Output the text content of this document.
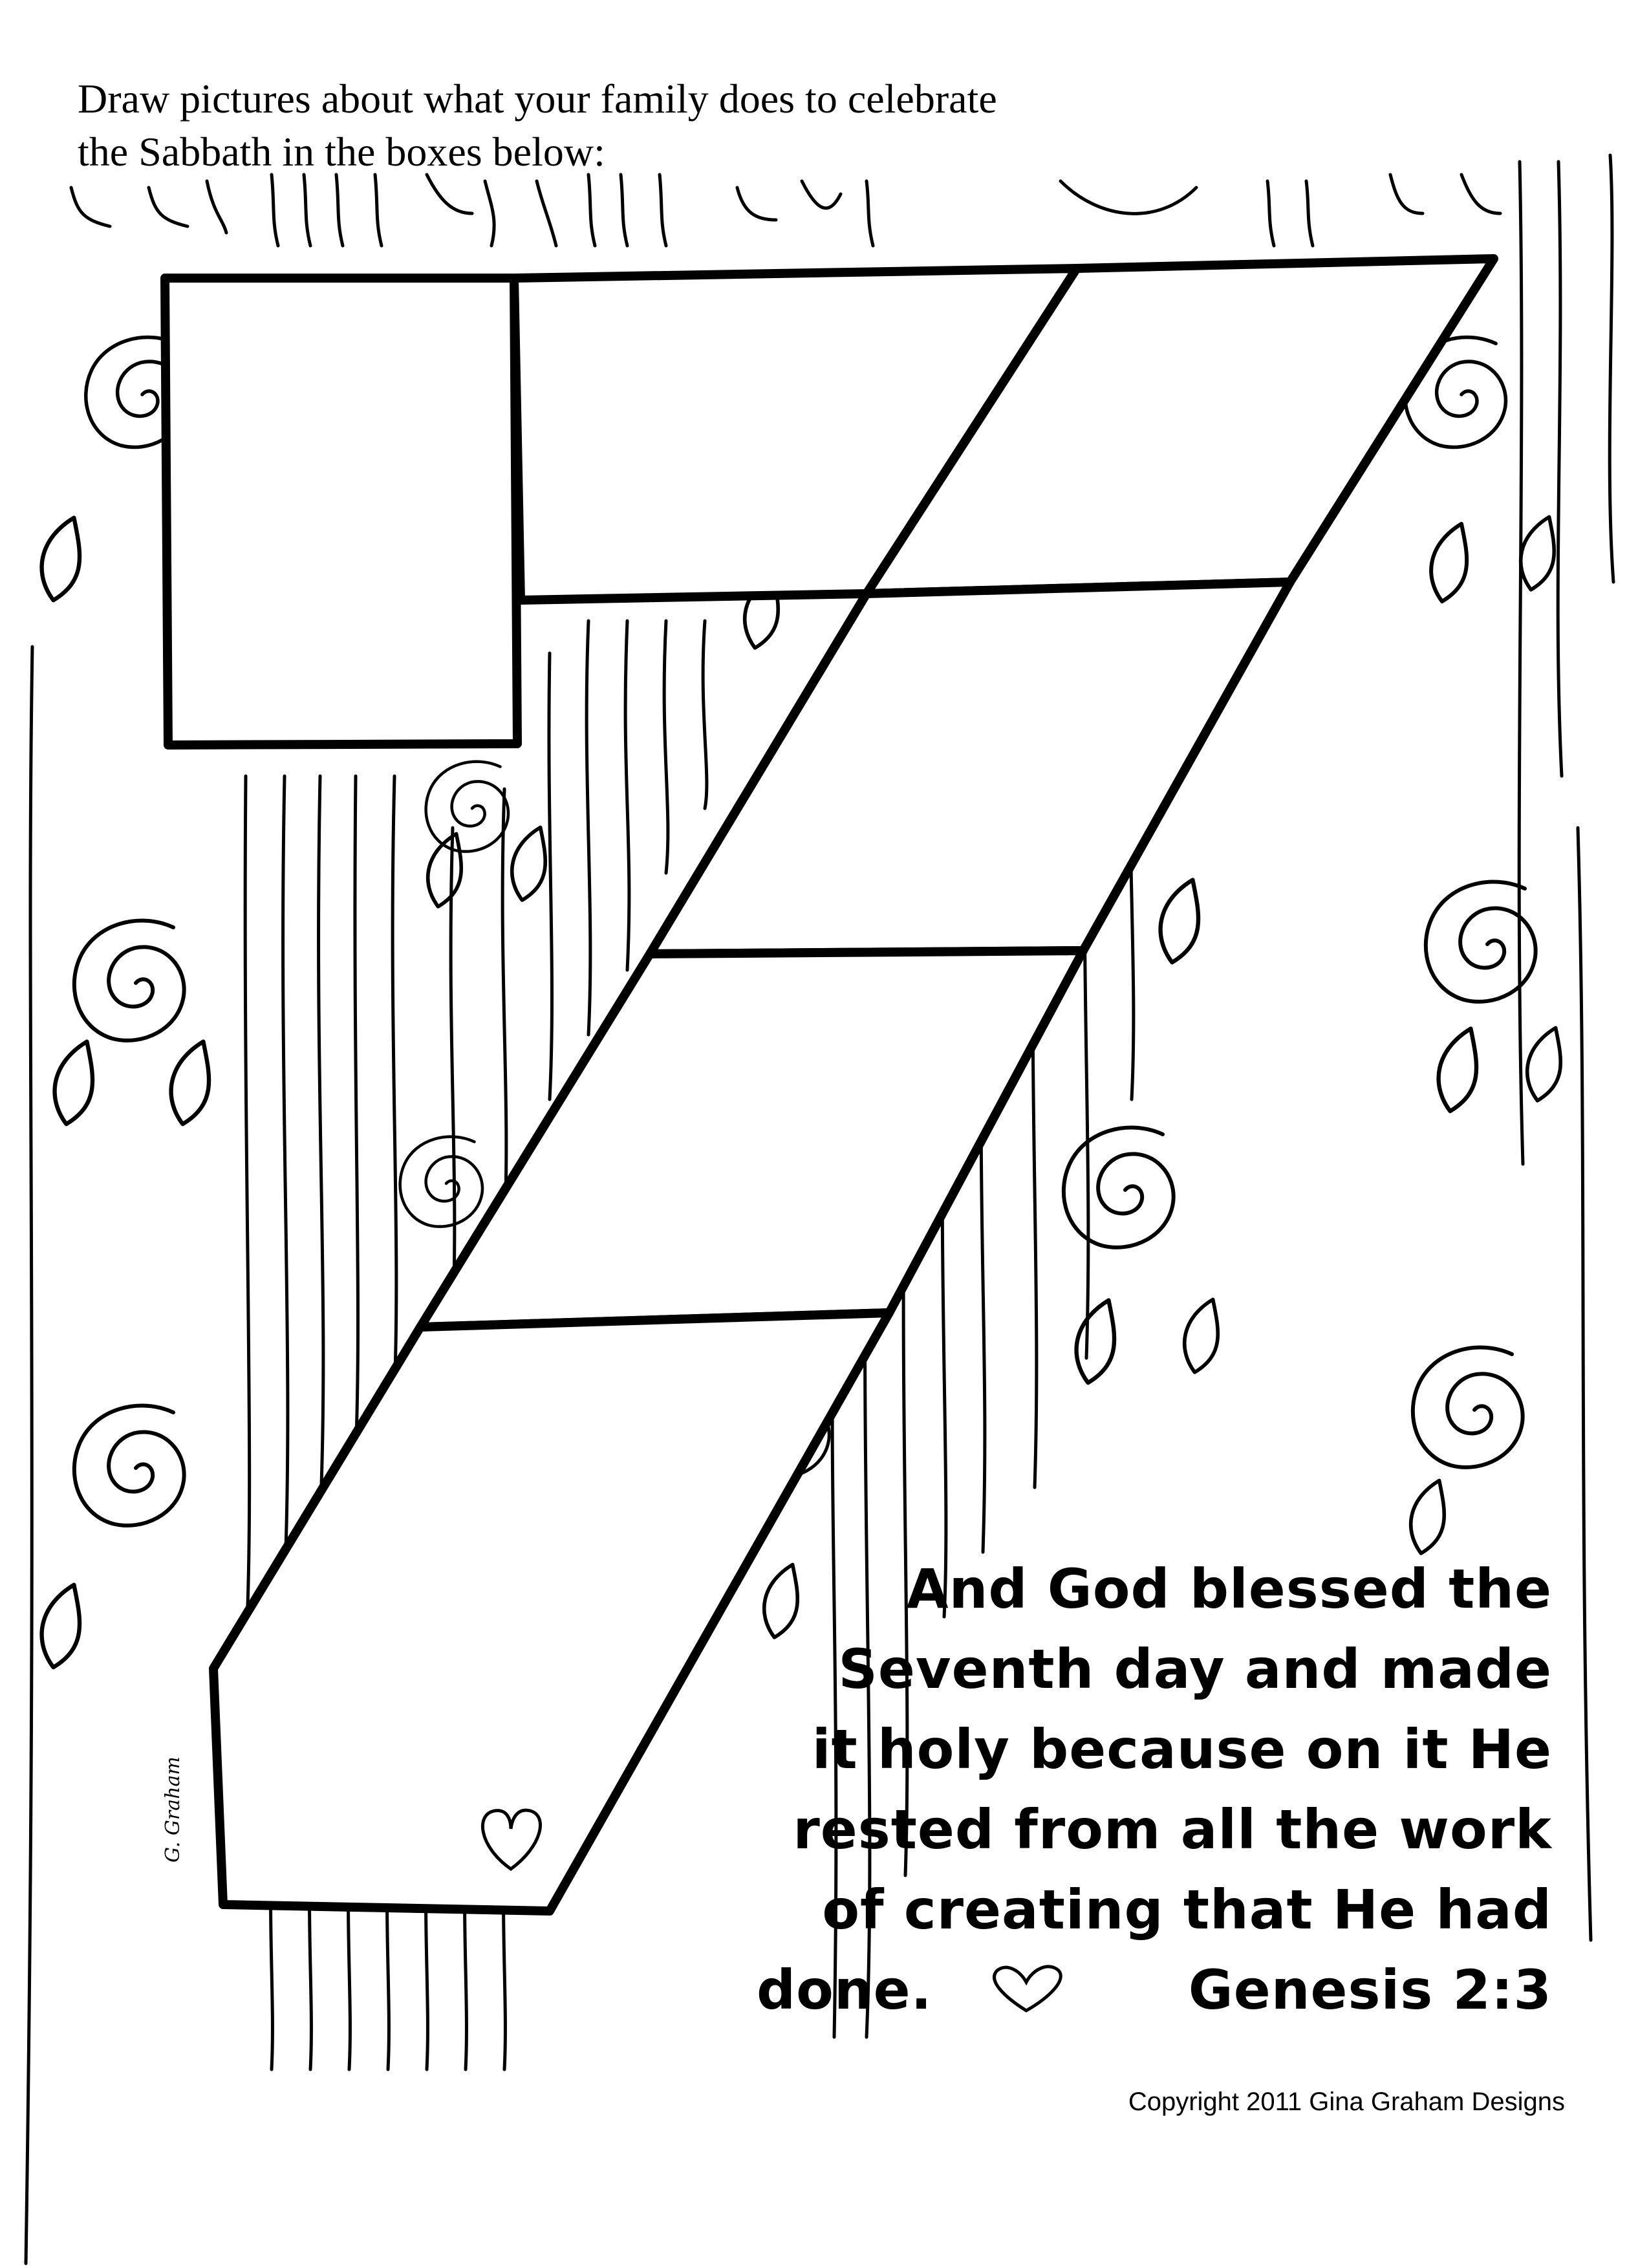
Draw pictures about what your family does to celebrate
the Sabbath in the boxes below:
And God blessed the
Seventh day and made
it holy because on it He
rested from all the work
of creating that He had
done.	Genesis 2:3
G. Graham
Copyright 2011 Gina Graham Designs
